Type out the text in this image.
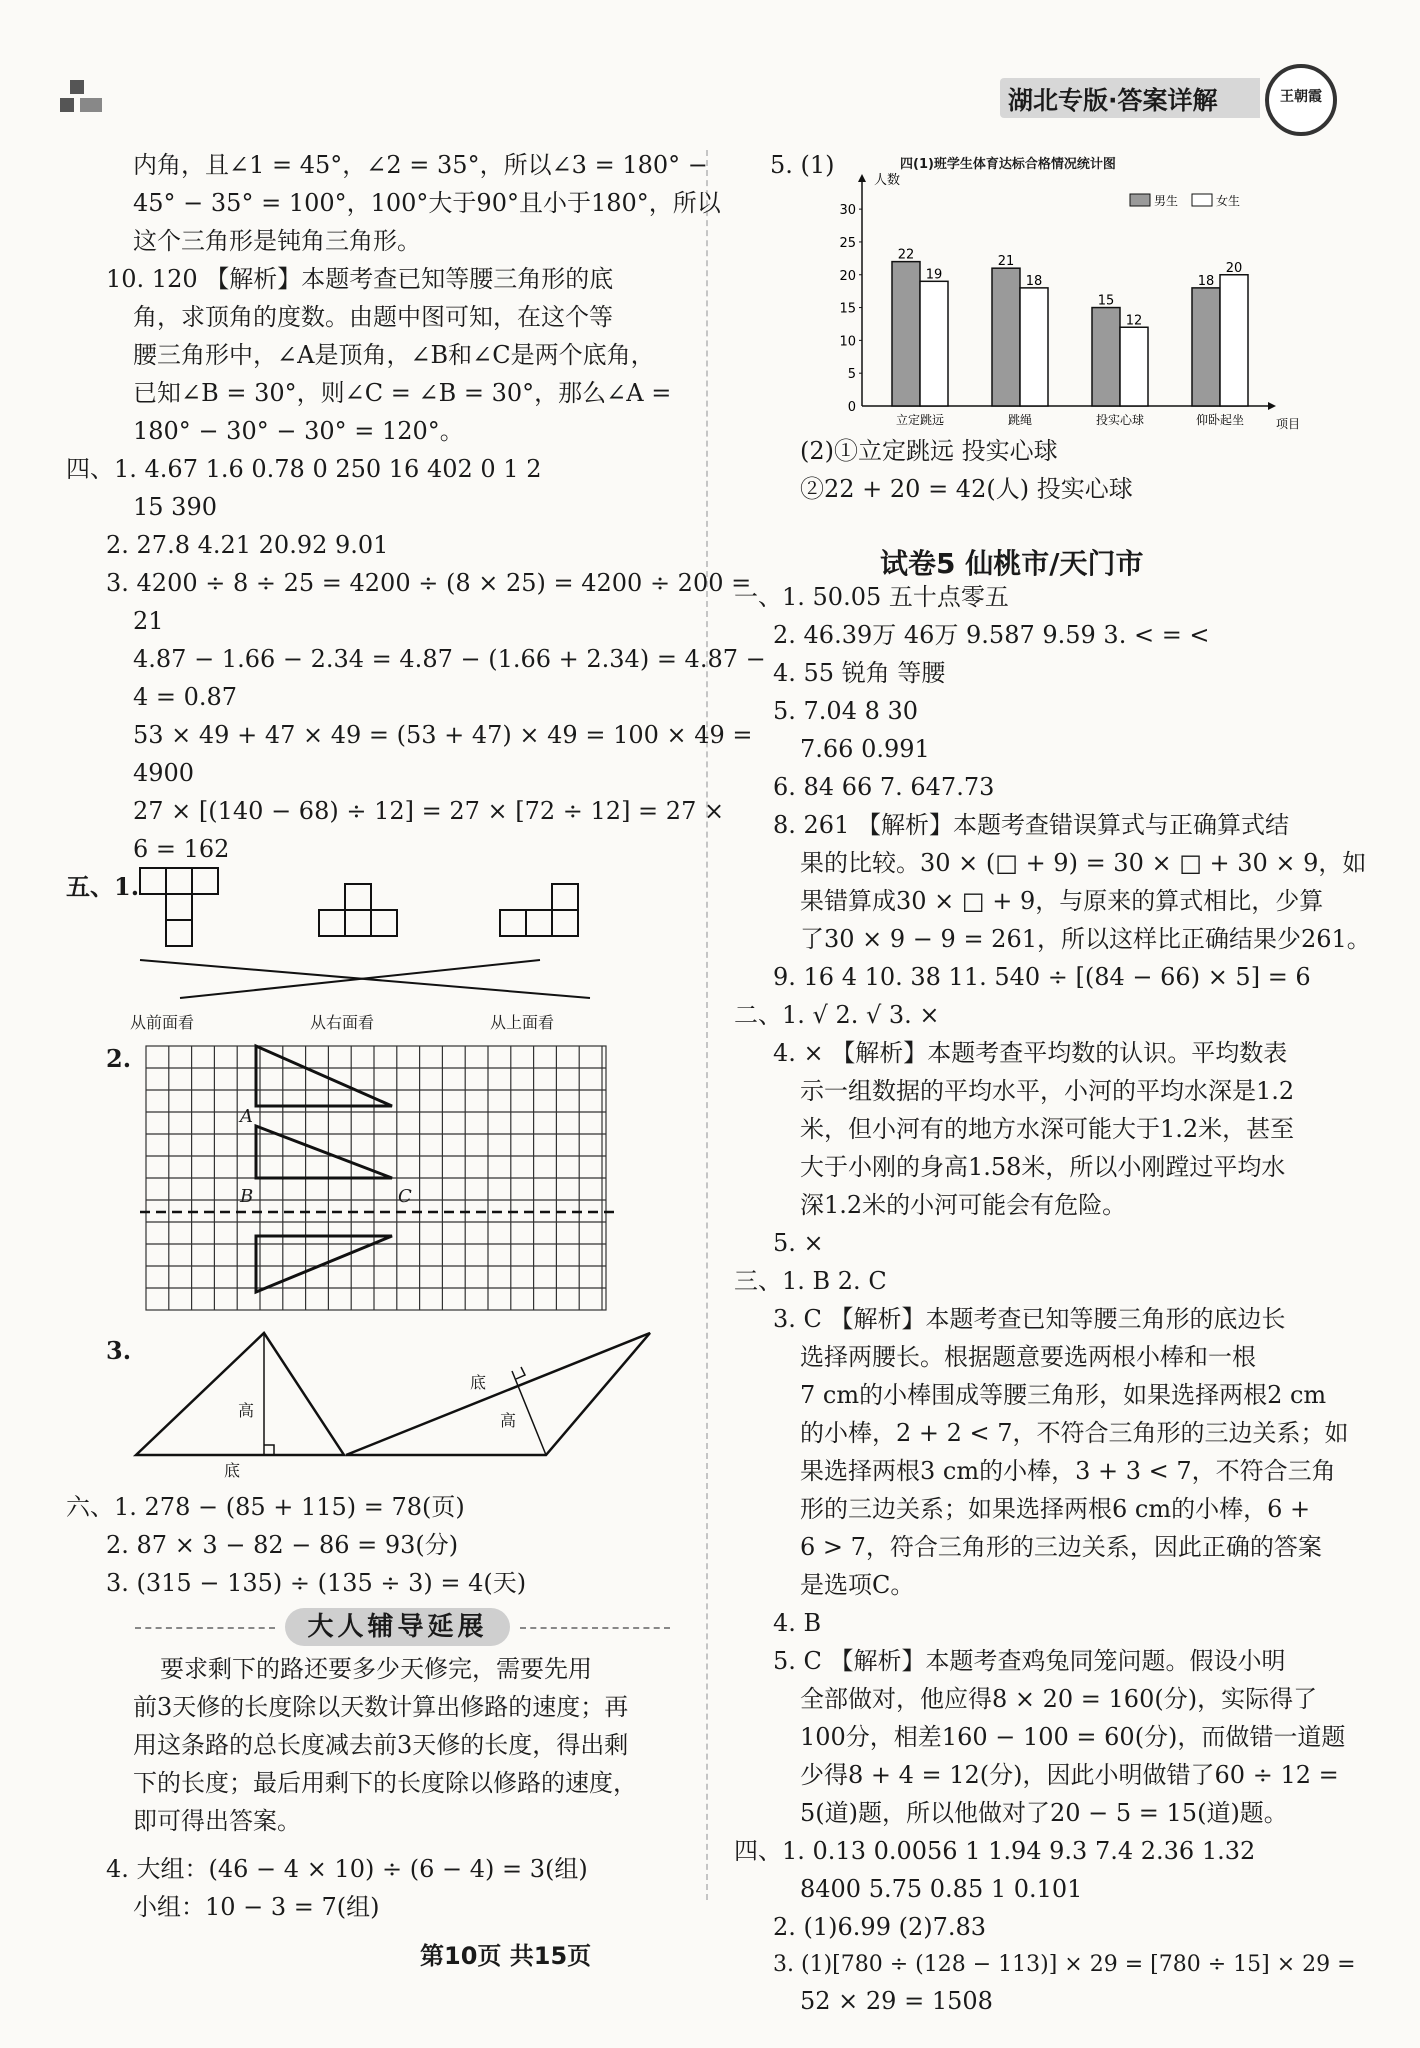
湖北专版·答案详解	王朝霞
内角，且∠1 = 45°，∠2 = 35°，所以∠3 = 180° −
45° − 35° = 100°，100°大于90°且小于180°，所以
这个三角形是钝角三角形。
10. 120 【解析】本题考查已知等腰三角形的底
角，求顶角的度数。由题中图可知，在这个等
腰三角形中，∠A是顶角，∠B和∠C是两个底角，
已知∠B = 30°，则∠C = ∠B = 30°，那么∠A =
180° − 30° − 30° = 120°。
四、1. 4.67 1.6 0.78 0 250 16 402 0 1 2
15 390
2. 27.8 4.21 20.92 9.01
3. 4200 ÷ 8 ÷ 25 = 4200 ÷ (8 × 25) = 4200 ÷ 200 =
21
4.87 − 1.66 − 2.34 = 4.87 − (1.66 + 2.34) = 4.87 −
4 = 0.87
53 × 49 + 47 × 49 = (53 + 47) × 49 = 100 × 49 =
4900
27 × [(140 − 68) ÷ 12] = 27 × [72 ÷ 12] = 27 ×
6 = 162
五、1.
从前面看	从右面看	从上面看
2.
A
B	C
3.
高
底
底
高
六、1. 278 − (85 + 115) = 78(页)
2. 87 × 3 − 82 − 86 = 93(分)
3. (315 − 135) ÷ (135 ÷ 3) = 4(天)
大人辅导延展
要求剩下的路还要多少天修完，需要先用
前3天修的长度除以天数计算出修路的速度；再
用这条路的总长度减去前3天修的长度，得出剩
下的长度；最后用剩下的长度除以修路的速度，
即可得出答案。
4. 大组：(46 − 4 × 10) ÷ (6 − 4) = 3(组)
小组：10 − 3 = 7(组)
5. (1)	四(1)班学生体育达标合格情况统计图
人数
项目
0
5
10
15
20
25
30
男生	女生
22
19
立定跳远
21
18
跳绳
15
12
投实心球
18
20
仰卧起坐
(2)①立定跳远 投实心球
②22 + 20 = 42(人) 投实心球
试卷5 仙桃市/天门市
一、1. 50.05 五十点零五
2. 46.39万 46万 9.587 9.59 3. < = <
4. 55 锐角 等腰
5. 7.04 8 30
7.66 0.991
6. 84 66 7. 647.73
8. 261 【解析】本题考查错误算式与正确算式结
果的比较。30 × (□ + 9) = 30 × □ + 30 × 9，如
果错算成30 × □ + 9，与原来的算式相比，少算
了30 × 9 − 9 = 261，所以这样比正确结果少261。
9. 16 4 10. 38 11. 540 ÷ [(84 − 66) × 5] = 6
二、1. √ 2. √ 3. ×
4. × 【解析】本题考查平均数的认识。平均数表
示一组数据的平均水平，小河的平均水深是1.2
米，但小河有的地方水深可能大于1.2米，甚至
大于小刚的身高1.58米，所以小刚蹚过平均水
深1.2米的小河可能会有危险。
5. ×
三、1. B 2. C
3. C 【解析】本题考查已知等腰三角形的底边长
选择两腰长。根据题意要选两根小棒和一根
7 cm的小棒围成等腰三角形，如果选择两根2 cm
的小棒，2 + 2 < 7，不符合三角形的三边关系；如
果选择两根3 cm的小棒，3 + 3 < 7，不符合三角
形的三边关系；如果选择两根6 cm的小棒，6 +
6 > 7，符合三角形的三边关系，因此正确的答案
是选项C。
4. B
5. C 【解析】本题考查鸡兔同笼问题。假设小明
全部做对，他应得8 × 20 = 160(分)，实际得了
100分，相差160 − 100 = 60(分)，而做错一道题
少得8 + 4 = 12(分)，因此小明做错了60 ÷ 12 =
5(道)题，所以他做对了20 − 5 = 15(道)题。
四、1. 0.13 0.0056 1 1.94 9.3 7.4 2.36 1.32
8400 5.75 0.85 1 0.101
2. (1)6.99 (2)7.83
3. (1)[780 ÷ (128 − 113)] × 29 = [780 ÷ 15] × 29 =
52 × 29 = 1508
第10页 共15页
